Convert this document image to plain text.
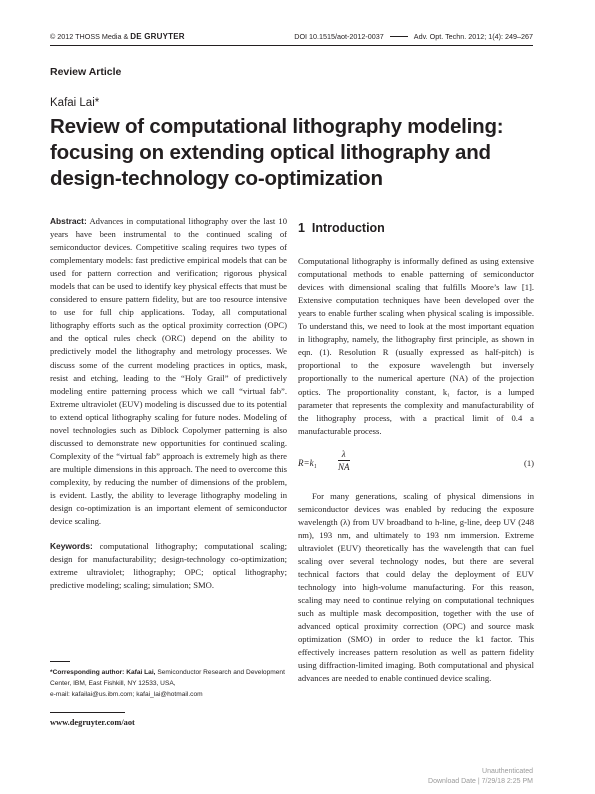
© 2012 THOSS Media & DE GRUYTER	DOI 10.1515/aot-2012-0037	Adv. Opt. Techn. 2012; 1(4): 249–267
Review Article
Kafai Lai*
Review of computational lithography modeling: focusing on extending optical lithography and design-technology co-optimization

Abstract: Advances in computational lithography over the last 10 years have been instrumental to the continued scaling of semiconductor devices. Competitive scaling requires two types of complementary models: fast predictive empirical models that can be used for pattern correction and verification; rigorous physical models that can be used to identify key physical effects that must be considered to ensure pattern fidelity, but are too resource intensive to use for full chip applications. Today, all computational lithography efforts such as the optical proximity correction (OPC) and the optical rules check (ORC) depend on the ability to predictively model the lithography and metrology processes. We discuss some of the current modeling practices in optics, mask, resist and etching, leading to the “Holy Grail” of predictively modeling entire patterning process which we call “virtual fab”. Extreme ultraviolet (EUV) modeling is discussed due to its potential to extend optical lithography scaling for future nodes. Modeling of novel technologies such as Diblock Copolymer patterning is also discussed to demonstrate new opportunities for continued scaling. Complexity of the “virtual fab” approach is extremely high as there are multiple dimensions in this approach. The need to overcome this complexity, by reducing the number of dimensions of the problem, is evident. Lastly, the ability to leverage lithography modeling in design co-optimization is an important element of semiconductor device scaling.

Keywords: computational lithography; computational scaling; design for manufacturability; design-technology co-optimization; extreme ultraviolet; lithography; OPC; optical lithography; predictive modeling; scaling; simulation; SMO.

*Corresponding author: Kafai Lai, Semiconductor Research and Development Center, IBM, East Fishkill, NY 12533, USA,
e-mail: kafailai@us.ibm.com; kafai_lai@hotmail.com
www.degruyter.com/aot

1 Introduction

Computational lithography is informally defined as using extensive computational methods to enable patterning of semiconductor devices with dimensional scaling that fulfills Moore’s law [1]. Extensive computation techniques have been developed over the years to enable further scaling when physical scaling is impossible. To understand this, we need to look at the most important equation in lithography, namely, the lithography first principle, as shown in eqn. (1). Resolution R (usually expressed as half-pitch) is proportional to the exposure wavelength but inversely proportionally to the numerical aperture (NA) of the projection optics. The proportionality constant, k₁ factor, is a lumped parameter that represents the complexity and manufacturability of the lithography process, with a practical limit of 0.4 a manufacturable process.

$R=k_1 \frac{\lambda}{NA}$	(1)

For many generations, scaling of physical dimensions in semiconductor devices was enabled by reducing the exposure wavelength (λ) from UV broadband to h-line, g-line, deep UV (248 nm), 193 nm, and ultimately to 193 nm immersion. Extreme ultraviolet (EUV) theoretically has the wavelength that can fuel scaling over several technology nodes, but there are several technical factors that could delay the deployment of EUV technology into high-volume manufacturing. For this reason, scaling may need to continue relying on computational techniques such as multiple mask decomposition, together with the use of advanced optical proximity correction (OPC) and source mask optimization (SMO) in order to reduce the k1 factor. This effectively increases pattern resolution as well as pattern fidelity using diffraction-limited imaging. Both computational and physical advances are needed to enable continued device scaling.

Unauthenticated
Download Date | 7/29/18 2:25 PM
